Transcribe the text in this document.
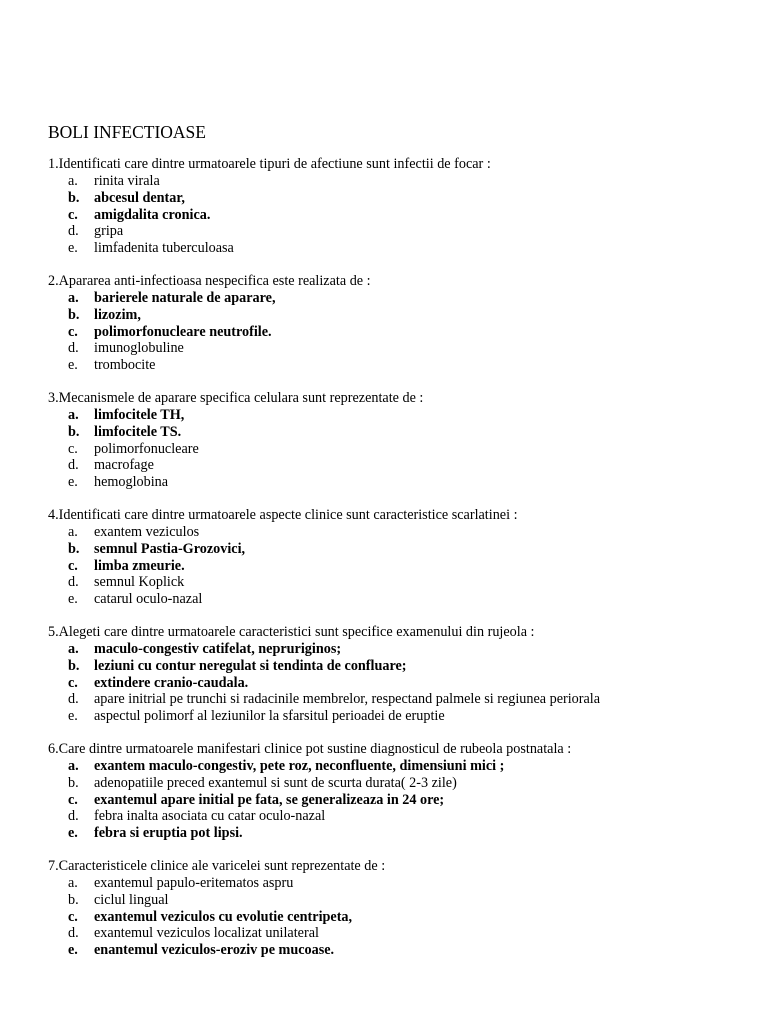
BOLI INFECTIOASE
1.Identificati care dintre urmatoarele tipuri de afectiune sunt infectii de focar :
a.	rinita virala
b.	abcesul dentar,
c.	amigdalita cronica.
d.	gripa
e.	limfadenita tuberculoasa
2.Apararea anti-infectioasa nespecifica este realizata de :
a.	barierele naturale de aparare,
b.	lizozim,
c.	polimorfonucleare neutrofile.
d.	imunoglobuline
e.	trombocite
3.Mecanismele de aparare specifica celulara sunt reprezentate de :
a.	limfocitele TH,
b.	limfocitele TS.
c.	polimorfonucleare
d.	macrofage
e.	hemoglobina
4.Identificati care dintre urmatoarele aspecte clinice sunt caracteristice scarlatinei :
a.	exantem veziculos
b.	semnul Pastia-Grozovici,
c.	limba zmeurie.
d.	semnul Koplick
e.	catarul oculo-nazal
5.Alegeti care dintre urmatoarele caracteristici sunt specifice examenului din rujeola :
a.	maculo-congestiv catifelat, nepruriginos;
b.	leziuni cu contur neregulat si tendinta de confluare;
c.	extindere cranio-caudala.
d.	apare initrial pe trunchi si radacinile membrelor, respectand palmele si regiunea periorala
e.	aspectul polimorf al leziunilor la sfarsitul perioadei de eruptie
6.Care dintre urmatoarele manifestari clinice pot sustine diagnosticul de rubeola postnatala :
a.	exantem maculo-congestiv, pete roz, neconfluente, dimensiuni mici ;
b.	adenopatiile preced exantemul si sunt de scurta durata( 2-3 zile)
c.	exantemul apare initial pe fata, se generalizeaza in 24 ore;
d.	febra inalta asociata cu catar oculo-nazal
e.	febra si eruptia pot lipsi.
7.Caracteristicele clinice ale varicelei sunt reprezentate de :
a.	exantemul papulo-eritematos aspru
b.	ciclul lingual
c.	exantemul veziculos cu evolutie centripeta,
d.	exantemul veziculos localizat unilateral
e.	enantemul veziculos-eroziv pe mucoase.
